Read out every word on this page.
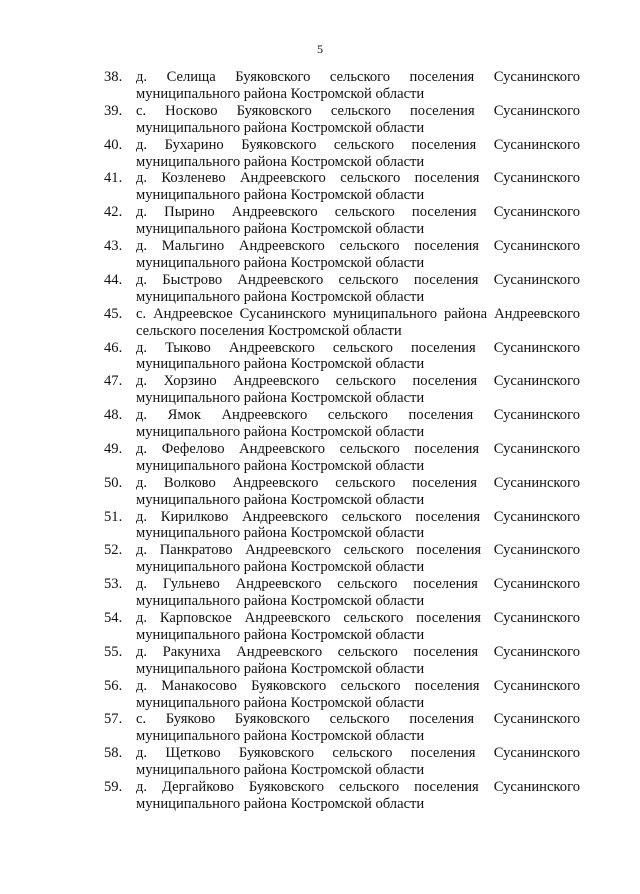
5
38. д. Селища Буяковского сельского поселения Сусанинского муниципального района Костромской области
39. с. Носково Буяковского сельского поселения Сусанинского муниципального района Костромской области
40. д. Бухарино Буяковского сельского поселения Сусанинского муниципального района Костромской области
41. д. Козленево Андреевского сельского поселения Сусанинского муниципального района Костромской области
42. д. Пырино Андреевского сельского поселения Сусанинского муниципального района Костромской области
43. д. Мальгино Андреевского сельского поселения Сусанинского муниципального района Костромской области
44. д. Быстрово Андреевского сельского поселения Сусанинского муниципального района Костромской области
45. с. Андреевское Сусанинского муниципального района Андреевского сельского поселения Костромской области
46. д. Тыково Андреевского сельского поселения Сусанинского муниципального района Костромской области
47. д. Хорзино Андреевского сельского поселения Сусанинского муниципального района Костромской области
48. д. Ямок Андреевского сельского поселения Сусанинского муниципального района Костромской области
49. д. Фефелово Андреевского сельского поселения Сусанинского муниципального района Костромской области
50. д. Волково Андреевского сельского поселения Сусанинского муниципального района Костромской области
51. д. Кирилково Андреевского сельского поселения Сусанинского муниципального района Костромской области
52. д. Панкратово Андреевского сельского поселения Сусанинского муниципального района Костромской области
53. д. Гульнево Андреевского сельского поселения Сусанинского муниципального района Костромской области
54. д. Карповское Андреевского сельского поселения Сусанинского муниципального района Костромской области
55. д. Ракуниха Андреевского сельского поселения Сусанинского муниципального района Костромской области
56. д. Манакосово Буяковского сельского поселения Сусанинского муниципального района Костромской области
57. с. Буяково Буяковского сельского поселения Сусанинского муниципального района Костромской области
58. д. Щетково Буяковского сельского поселения Сусанинского муниципального района Костромской области
59. д. Дергайково Буяковского сельского поселения Сусанинского муниципального района Костромской области
